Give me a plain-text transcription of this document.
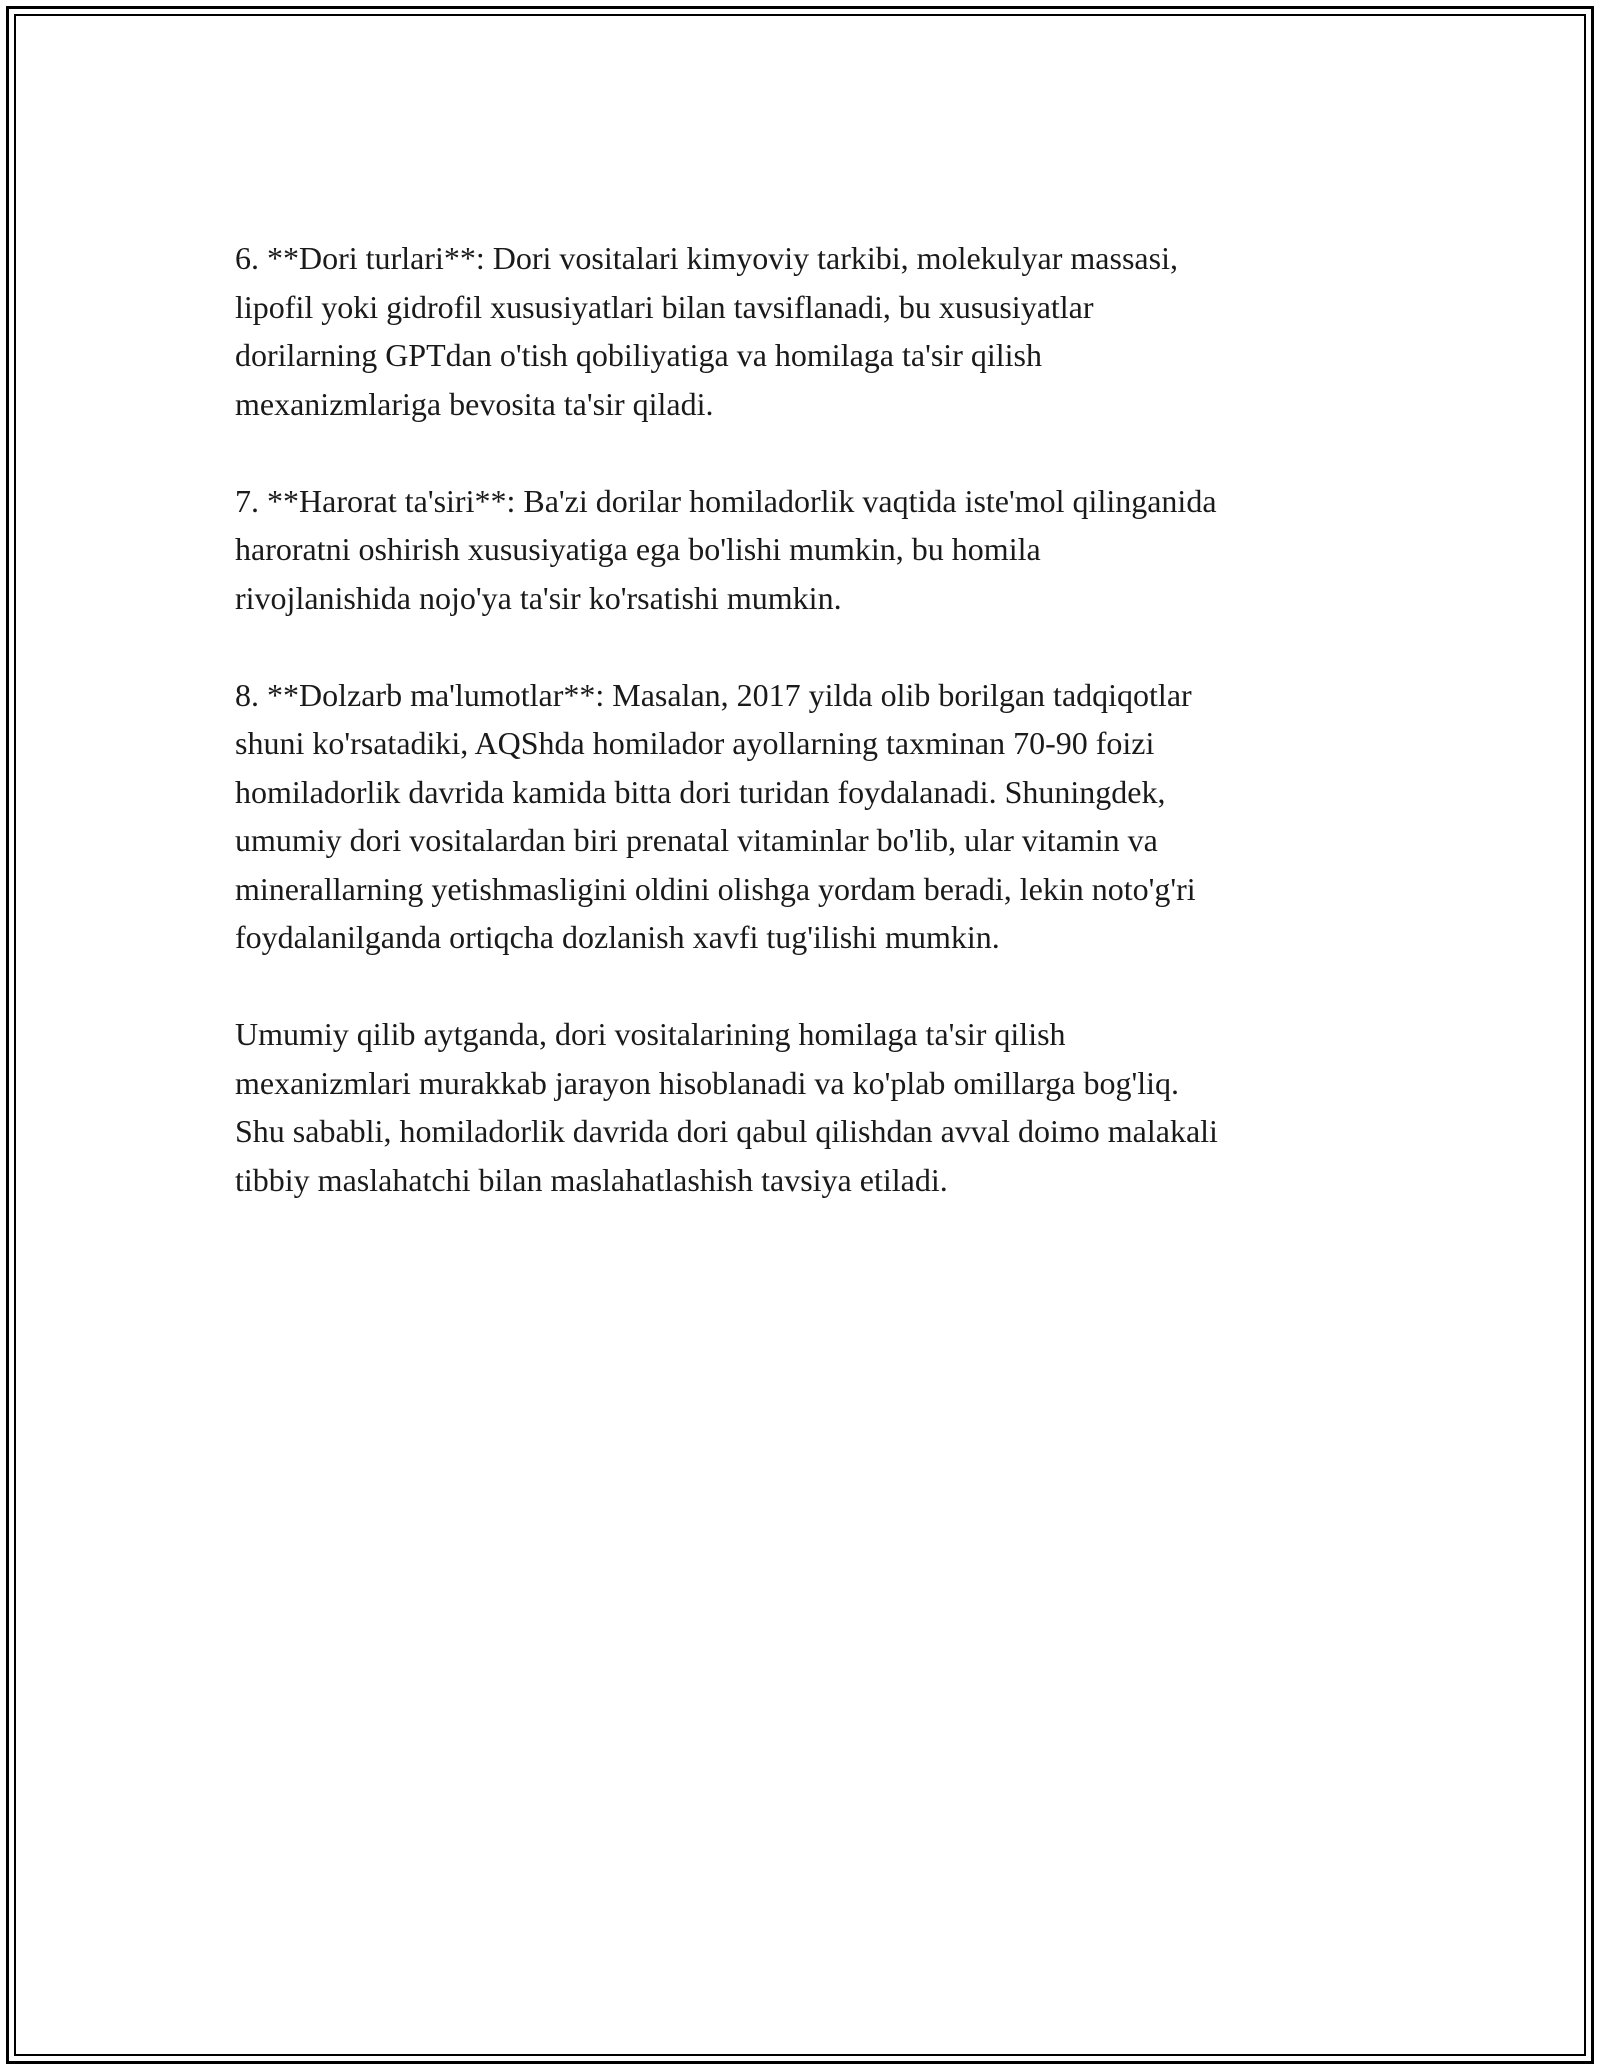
6. **Dori turlari**: Dori vositalari kimyoviy tarkibi, molekulyar massasi,
lipofil yoki gidrofil xususiyatlari bilan tavsiflanadi, bu xususiyatlar
dorilarning GPTdan o'tish qobiliyatiga va homilaga ta'sir qilish
mexanizmlariga bevosita ta'sir qiladi.

7. **Harorat ta'siri**: Ba'zi dorilar homiladorlik vaqtida iste'mol qilinganida
haroratni oshirish xususiyatiga ega bo'lishi mumkin, bu homila
rivojlanishida nojo'ya ta'sir ko'rsatishi mumkin.

8. **Dolzarb ma'lumotlar**: Masalan, 2017 yilda olib borilgan tadqiqotlar
shuni ko'rsatadiki, AQShda homilador ayollarning taxminan 70-90 foizi
homiladorlik davrida kamida bitta dori turidan foydalanadi. Shuningdek,
umumiy dori vositalardan biri prenatal vitaminlar bo'lib, ular vitamin va
minerallarning yetishmasligini oldini olishga yordam beradi, lekin noto'g'ri
foydalanilganda ortiqcha dozlanish xavfi tug'ilishi mumkin.

Umumiy qilib aytganda, dori vositalarining homilaga ta'sir qilish
mexanizmlari murakkab jarayon hisoblanadi va ko'plab omillarga bog'liq.
Shu sababli, homiladorlik davrida dori qabul qilishdan avval doimo malakali
tibbiy maslahatchi bilan maslahatlashish tavsiya etiladi.
